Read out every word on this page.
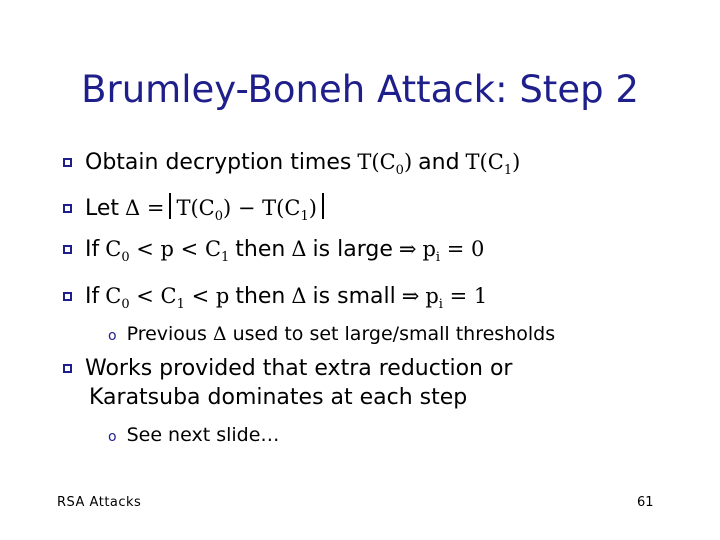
Brumley-Boneh Attack: Step 2
Obtain decryption times $T(C_0)$ and $T(C_1)$
Let $\Delta = T(C_0) - T(C_1)$
If $C_0 < p < C_1$ then Δ is large ⇒ $p_i = 0$
If $C_0 < C_1 < p$ then Δ is small ⇒ $p_i = 1$
o Previous Δ used to set large/small thresholds
Works provided that extra reduction or
Karatsuba dominates at each step
o See next slide…
RSA Attacks	61
